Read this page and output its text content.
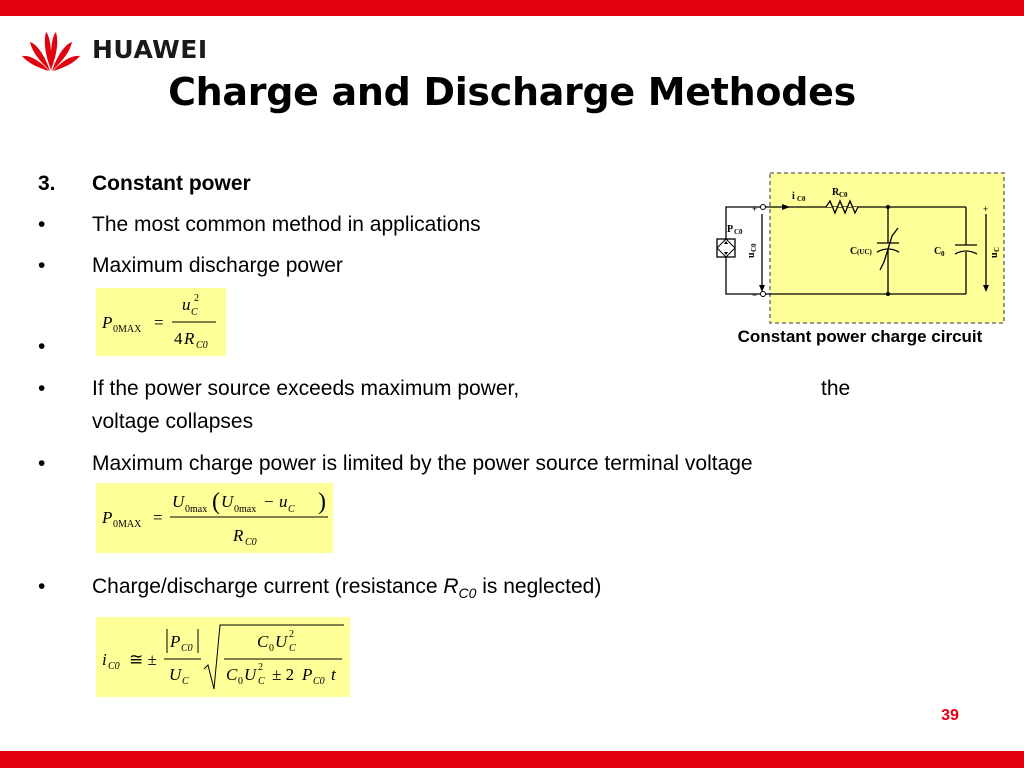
HUAWEI
Charge and Discharge Methodes
3.	Constant power
•	The most common method in applications
•	Maximum discharge power
•
•	If the power source exceeds maximum power,	the
voltage collapses
•	Maximum charge power is limited by the power source terminal voltage
•	Charge/discharge current (resistance $R_{C0}$ is neglected)
P 0MAX =
u C
2
4 R C0
P 0MAX =
U 0max ( U 0max − u C )
R C0
i C0 ≅ ±
P C0
U C
C 0 U C
2
C 0 U C
2 ± 2 P C0 t
i C0
R C0
P C0
C (UC)	C 0
+	+
−
u
C0
u
C
Constant power charge circuit
39
